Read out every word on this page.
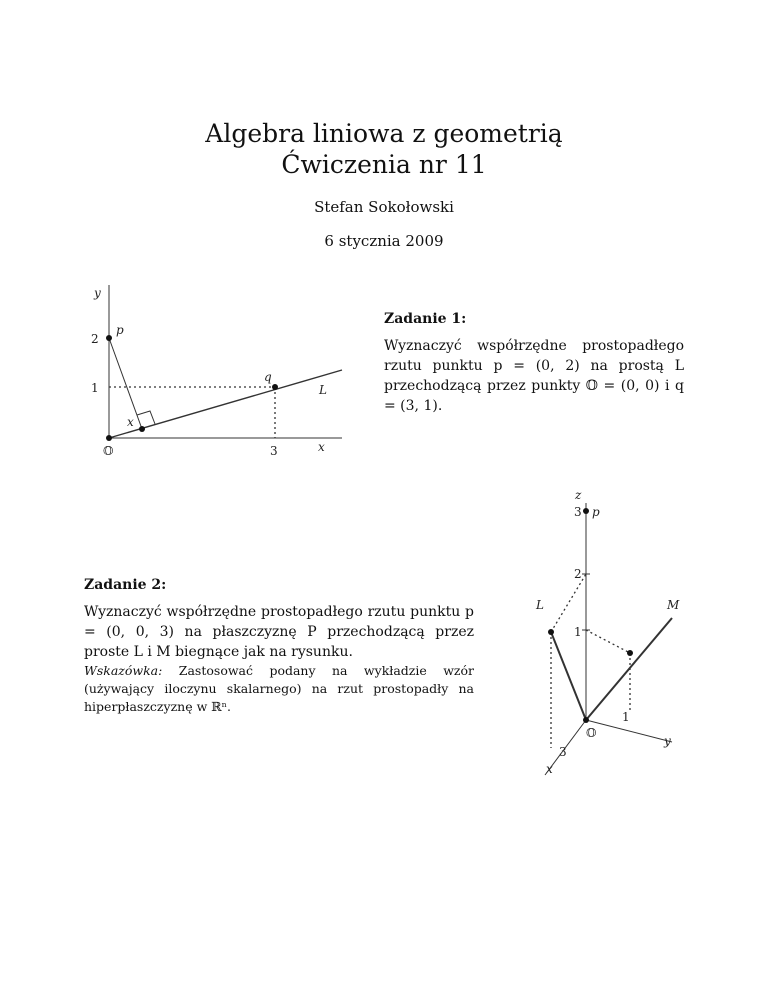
Algebra liniowa z geometrią
Ćwiczenia nr 11
Stefan Sokołowski
6 stycznia 2009
Zadanie 1:
Wyznaczyć współrzędne prostopadłego rzutu punktu p = (0, 2) na prostą L przechodzącą przez punkty 𝕆 = (0, 0) i q = (3, 1).
Zadanie 2:
Wyznaczyć współrzędne prostopadłego rzutu punktu p = (0, 0, 3) na płaszczyznę P przechodzącą przez proste L i M biegnące jak na rysunku.
Wskazówka: Zastosować podany na wykładzie wzór (używający iloczynu skalarnego) na rzut prostopadły na hiperpłaszczyznę w ℝⁿ.
y
2
p
1
q
L
x
𝕆	3	x
z
3 p
2
L	M
1
𝕆
1
y
3
x
